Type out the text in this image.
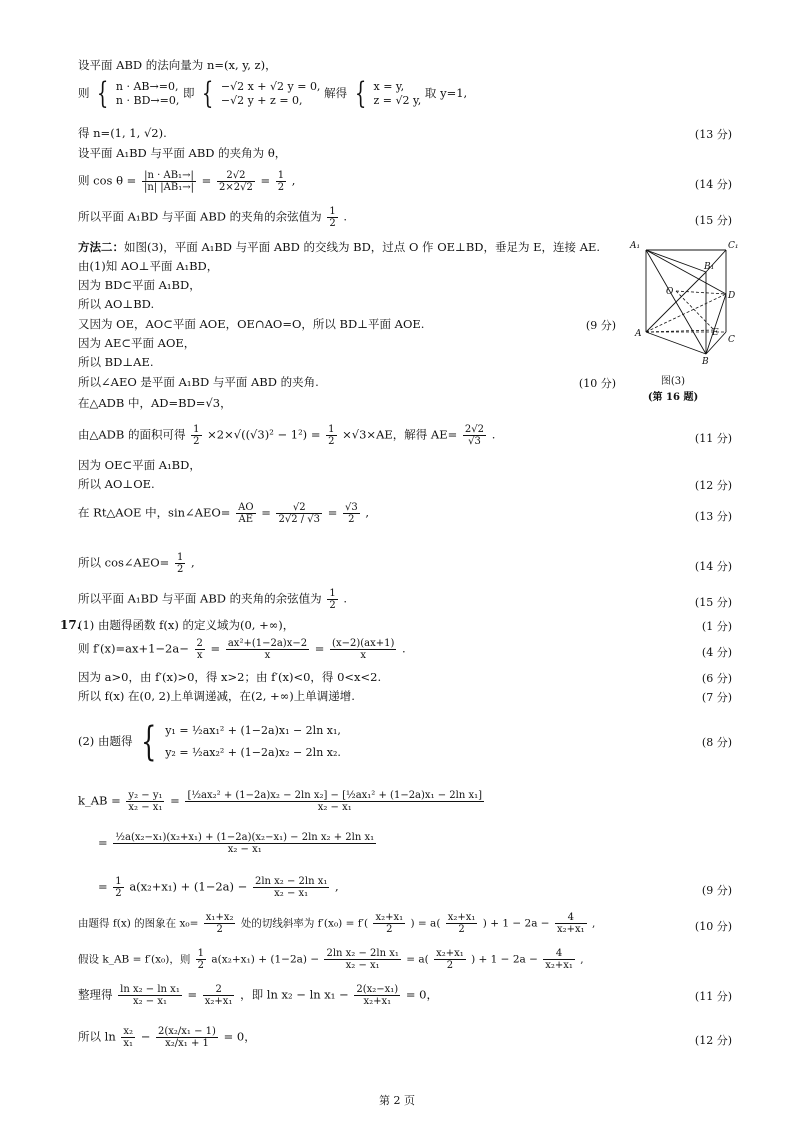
设平面 ABD 的法向量为 n=(x, y, z)，
则 { n · AB→=0,
n · BD→=0, 即 { −√2 x + √2 y = 0,
−√2 y + z = 0, 解得 { x = y,
z = √2 y, 取 y=1,
得 n=(1, 1, √2).	(13 分)
设平面 A₁BD 与平面 ABD 的夹角为 θ，
则 $\cos \theta = \frac{\text{|n · AB₁→|}}{\text{|n| |AB₁→|}} = \frac{2√2}{2\times 2√2} = \frac{1}{2}$ ,	(14 分)
所以平面 A₁BD 与平面 ABD 的夹角的余弦值为 $\frac{1}{2}$ .	(15 分)
方法二：如图(3)，平面 A₁BD 与平面 ABD 的交线为 BD，过点 O 作 OE⊥BD，垂足为 E，连接 AE.
由(1)知 AO⊥平面 A₁BD，
因为 BD⊂平面 A₁BD，
所以 AO⊥BD.
又因为 OE，AO⊂平面 AOE，OE∩AO=O，所以 BD⊥平面 AOE.	(9 分)
因为 AE⊂平面 AOE，
所以 BD⊥AE.
所以∠AEO 是平面 A₁BD 与平面 ABD 的夹角.	(10 分)
在△ADB 中，AD=BD=√3，
A₁	C₁
B₁
O	D
A	E
C
B
图(3)
(第 16 题)
由△ADB 的面积可得 $\frac{1}{2} \times 2\times√((√3)^2 - 1^2) = \frac{1}{2} \times√3\times AE$，解得 $AE= \frac{2√2}{√3}$ .	(11 分)
因为 OE⊂平面 A₁BD，
所以 AO⊥OE.	(12 分)
在 Rt△AOE 中，sin∠AEO= $\frac{AO}{AE} = \frac{√2}{2√2 / √3} = \frac{√3}{2}$ ,	(13 分)
所以 cos∠AEO= $\frac{1}{2}$ ,	(14 分)
所以平面 A₁BD 与平面 ABD 的夹角的余弦值为 $\frac{1}{2}$ .	(15 分)
17.
(1) 由题得函数 f(x) 的定义域为(0, +∞)，	(1 分)
则 $f'(x)=ax+1-2a- \frac{2}{x} = \frac{\text{ax²+(1−2a)x−2}}{x} = \frac{(x-2)(ax+1)}{x}$ .	(4 分)
因为 a>0，由 f′(x)>0，得 x>2；由 f′(x)<0，得 0<x<2.	(6 分)
所以 f(x) 在(0, 2)上单调递减，在(2, +∞)上单调递增.	(7 分)
(2) 由题得 { y₁ = ½ax₁² + (1−2a)x₁ − 2ln x₁,
y₂ = ½ax₂² + (1−2a)x₂ − 2ln x₂.
(8 分)
k_AB = $\frac{\text{y₂ − y₁}}{\text{x₂ − x₁}} = \frac{\text{[½ax₂² + (1−2a)x₂ − 2ln x₂] − [½ax₁² + (1−2a)x₁ − 2ln x₁]}}{\text{x₂ − x₁}}$
= $\frac{\text{½a(x₂−x₁)(x₂+x₁) + (1−2a)(x₂−x₁) − 2ln x₂ + 2ln x₁}}{\text{x₂ − x₁}}$
= $\frac{1}{2} a(x_2+x_1) + (1-2a) - \frac{\text{2ln x₂ − 2ln x₁}}{\text{x₂ − x₁}}$ ,	(9 分)
由题得 f(x) 的图象在 $x_0= \frac{\text{x₁+x₂}}{2}$ 处的切线斜率为 $f'(x_0) = f'( \frac{\text{x₂+x₁}}{2}$ ) = $a( \frac{\text{x₂+x₁}}{2}$ ) + $1 - 2a - \frac{4}{\text{x₂+x₁}}$ ,	(10 分)
假设 k_AB = f′(x₀)，则 $\frac{1}{2} a(x_2+x_1) + (1-2a) - \frac{\text{2ln x₂ − 2ln x₁}}{\text{x₂ − x₁}} = a( \frac{\text{x₂+x₁}}{2}$ ) + $1 - 2a - \frac{4}{\text{x₂+x₁}}$ ,
整理得 $\frac{\text{ln x₂ − ln x₁}}{\text{x₂ − x₁}} = \frac{2}{\text{x₂+x₁}}$ ，即 $\ln x_2 - \ln x_1 - \frac{\text{2(x₂−x₁)}}{\text{x₂+x₁}} = 0$，	(11 分)
所以 $\ln \frac{\text{x₂}}{\text{x₁}} - \frac{\text{2(x₂/x₁ − 1)}}{\text{x₂/x₁ + 1}} = 0$，	(12 分)
第 2 页
